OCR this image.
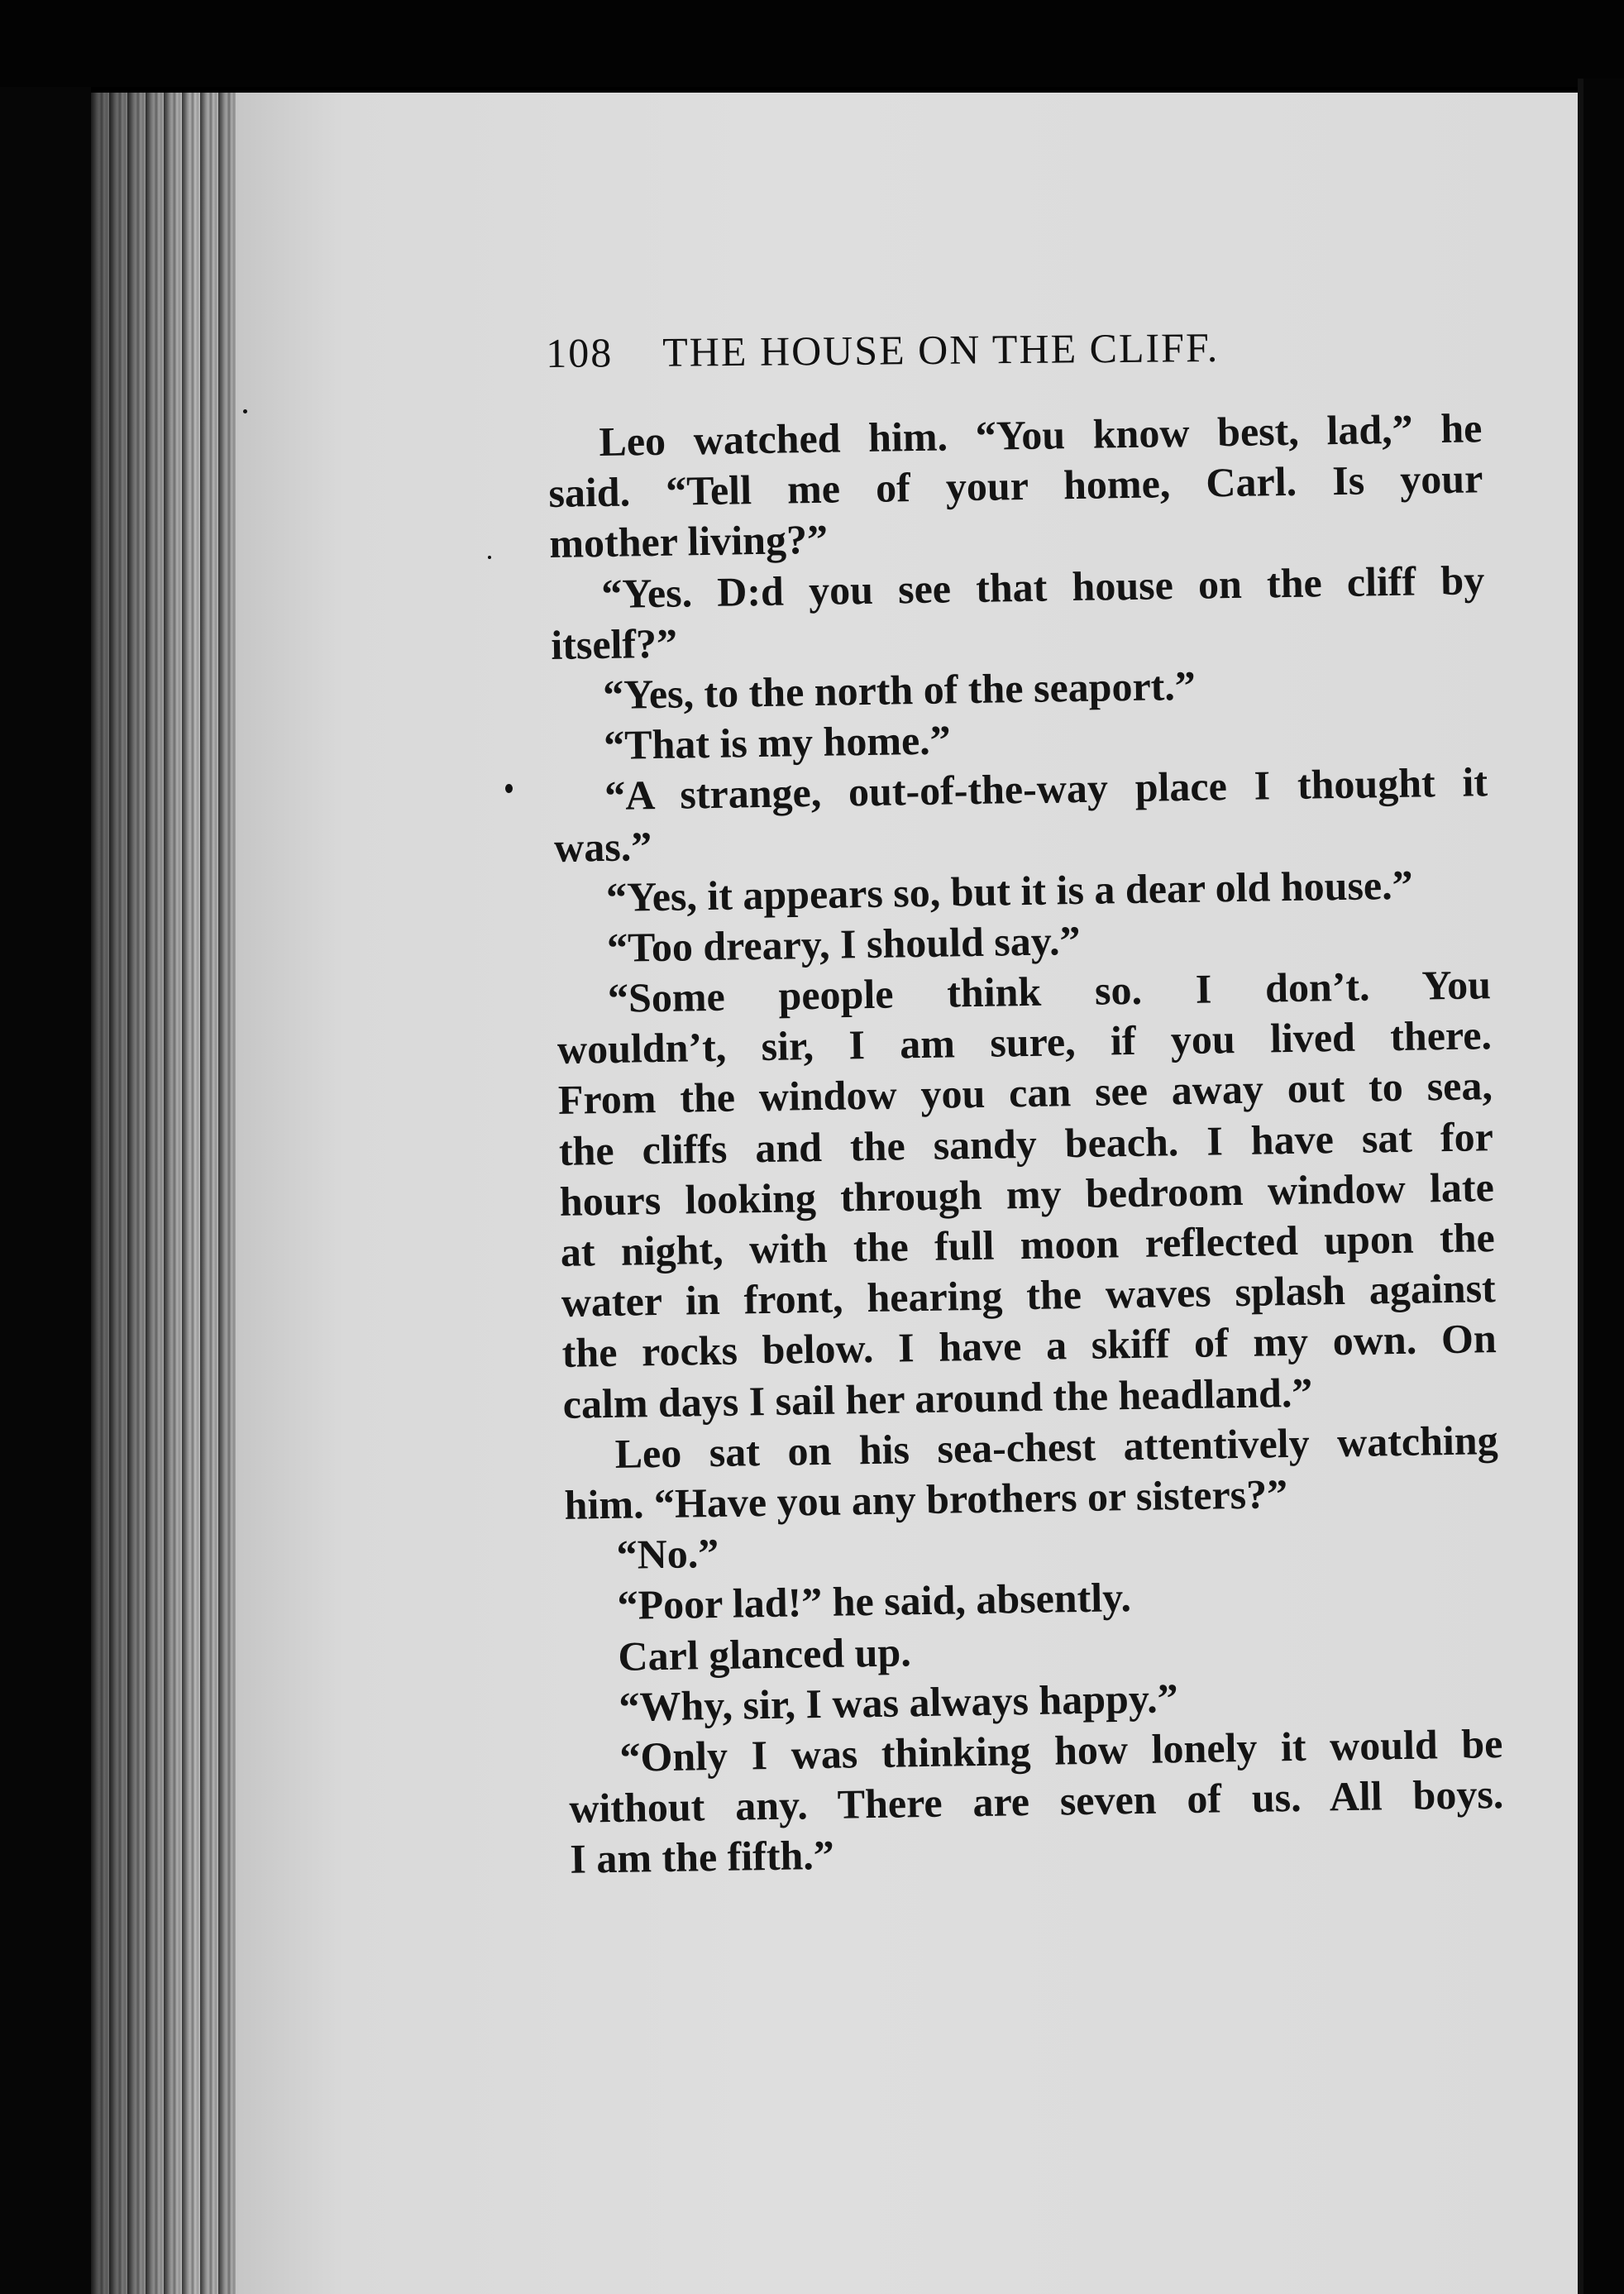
108 THE HOUSE ON THE CLIFF.
Leo watched him. “You know best, lad,” he
said. “Tell me of your home, Carl. Is your
mother living?”
“Yes. D:d you see that house on the cliff by
itself?”
“Yes, to the north of the seaport.”
“That is my home.”
“A strange, out-of-the-way place I thought it
was.”
“Yes, it appears so, but it is a dear old house.”
“Too dreary, I should say.”
“Some people think so. I don’t. You
wouldn’t, sir, I am sure, if you lived there.
From the window you can see away out to sea,
the cliffs and the sandy beach. I have sat for
hours looking through my bedroom window late
at night, with the full moon reflected upon the
water in front, hearing the waves splash against
the rocks below. I have a skiff of my own. On
calm days I sail her around the headland.”
Leo sat on his sea-chest attentively watching
him. “Have you any brothers or sisters?”
“No.”
“Poor lad!” he said, absently.
Carl glanced up.
“Why, sir, I was always happy.”
“Only I was thinking how lonely it would be
without any. There are seven of us. All boys.
I am the fifth.”
